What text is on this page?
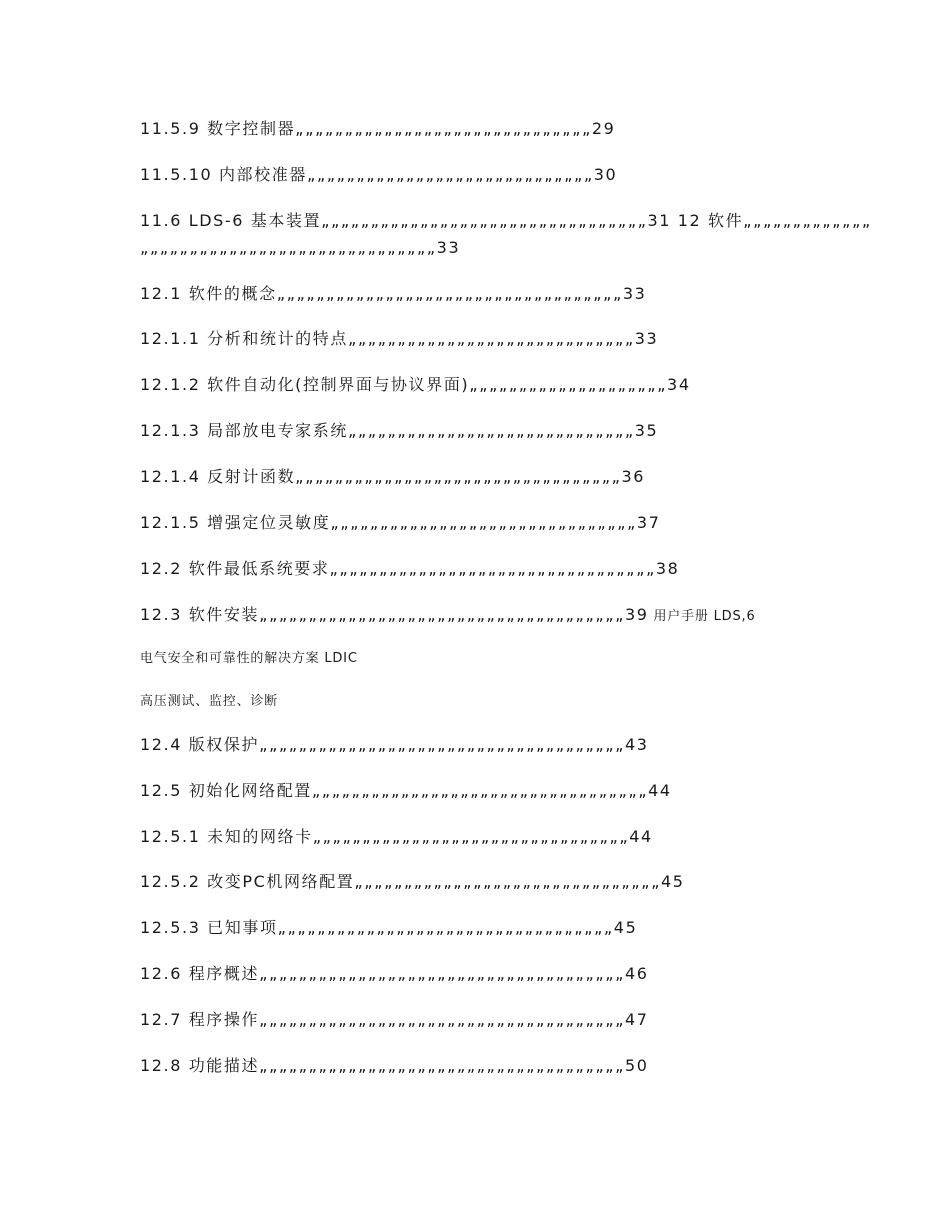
11.5.9 数字控制器„„„„„„„„„„„„„„„„„„„„„„„„„„„„„„29
11.5.10 内部校准器„„„„„„„„„„„„„„„„„„„„„„„„„„„„„30
11.6 LDS-6 基本装置„„„„„„„„„„„„„„„„„„„„„„„„„„„„„„„„„31 12 软件„„„„„„„„„„„„„
„„„„„„„„„„„„„„„„„„„„„„„„„„„„„„33
12.1 软件的概念„„„„„„„„„„„„„„„„„„„„„„„„„„„„„„„„„„„33
12.1.1 分析和统计的特点„„„„„„„„„„„„„„„„„„„„„„„„„„„„„33
12.1.2 软件自动化(控制界面与协议界面)„„„„„„„„„„„„„„„„„„„„34
12.1.3 局部放电专家系统„„„„„„„„„„„„„„„„„„„„„„„„„„„„„35
12.1.4 反射计函数„„„„„„„„„„„„„„„„„„„„„„„„„„„„„„„„„36
12.1.5 增强定位灵敏度„„„„„„„„„„„„„„„„„„„„„„„„„„„„„„„37
12.2 软件最低系统要求„„„„„„„„„„„„„„„„„„„„„„„„„„„„„„„„„38
12.3 软件安装„„„„„„„„„„„„„„„„„„„„„„„„„„„„„„„„„„„„„39 用户手册 LDS,6
电气安全和可靠性的解决方案 LDIC
高压测试、监控、诊断
12.4 版权保护„„„„„„„„„„„„„„„„„„„„„„„„„„„„„„„„„„„„„43
12.5 初始化网络配置„„„„„„„„„„„„„„„„„„„„„„„„„„„„„„„„„„44
12.5.1 未知的网络卡„„„„„„„„„„„„„„„„„„„„„„„„„„„„„„„„44
12.5.2 改变PC机网络配置„„„„„„„„„„„„„„„„„„„„„„„„„„„„„„„45
12.5.3 已知事项„„„„„„„„„„„„„„„„„„„„„„„„„„„„„„„„„„45
12.6 程序概述„„„„„„„„„„„„„„„„„„„„„„„„„„„„„„„„„„„„„46
12.7 程序操作„„„„„„„„„„„„„„„„„„„„„„„„„„„„„„„„„„„„„47
12.8 功能描述„„„„„„„„„„„„„„„„„„„„„„„„„„„„„„„„„„„„„50
